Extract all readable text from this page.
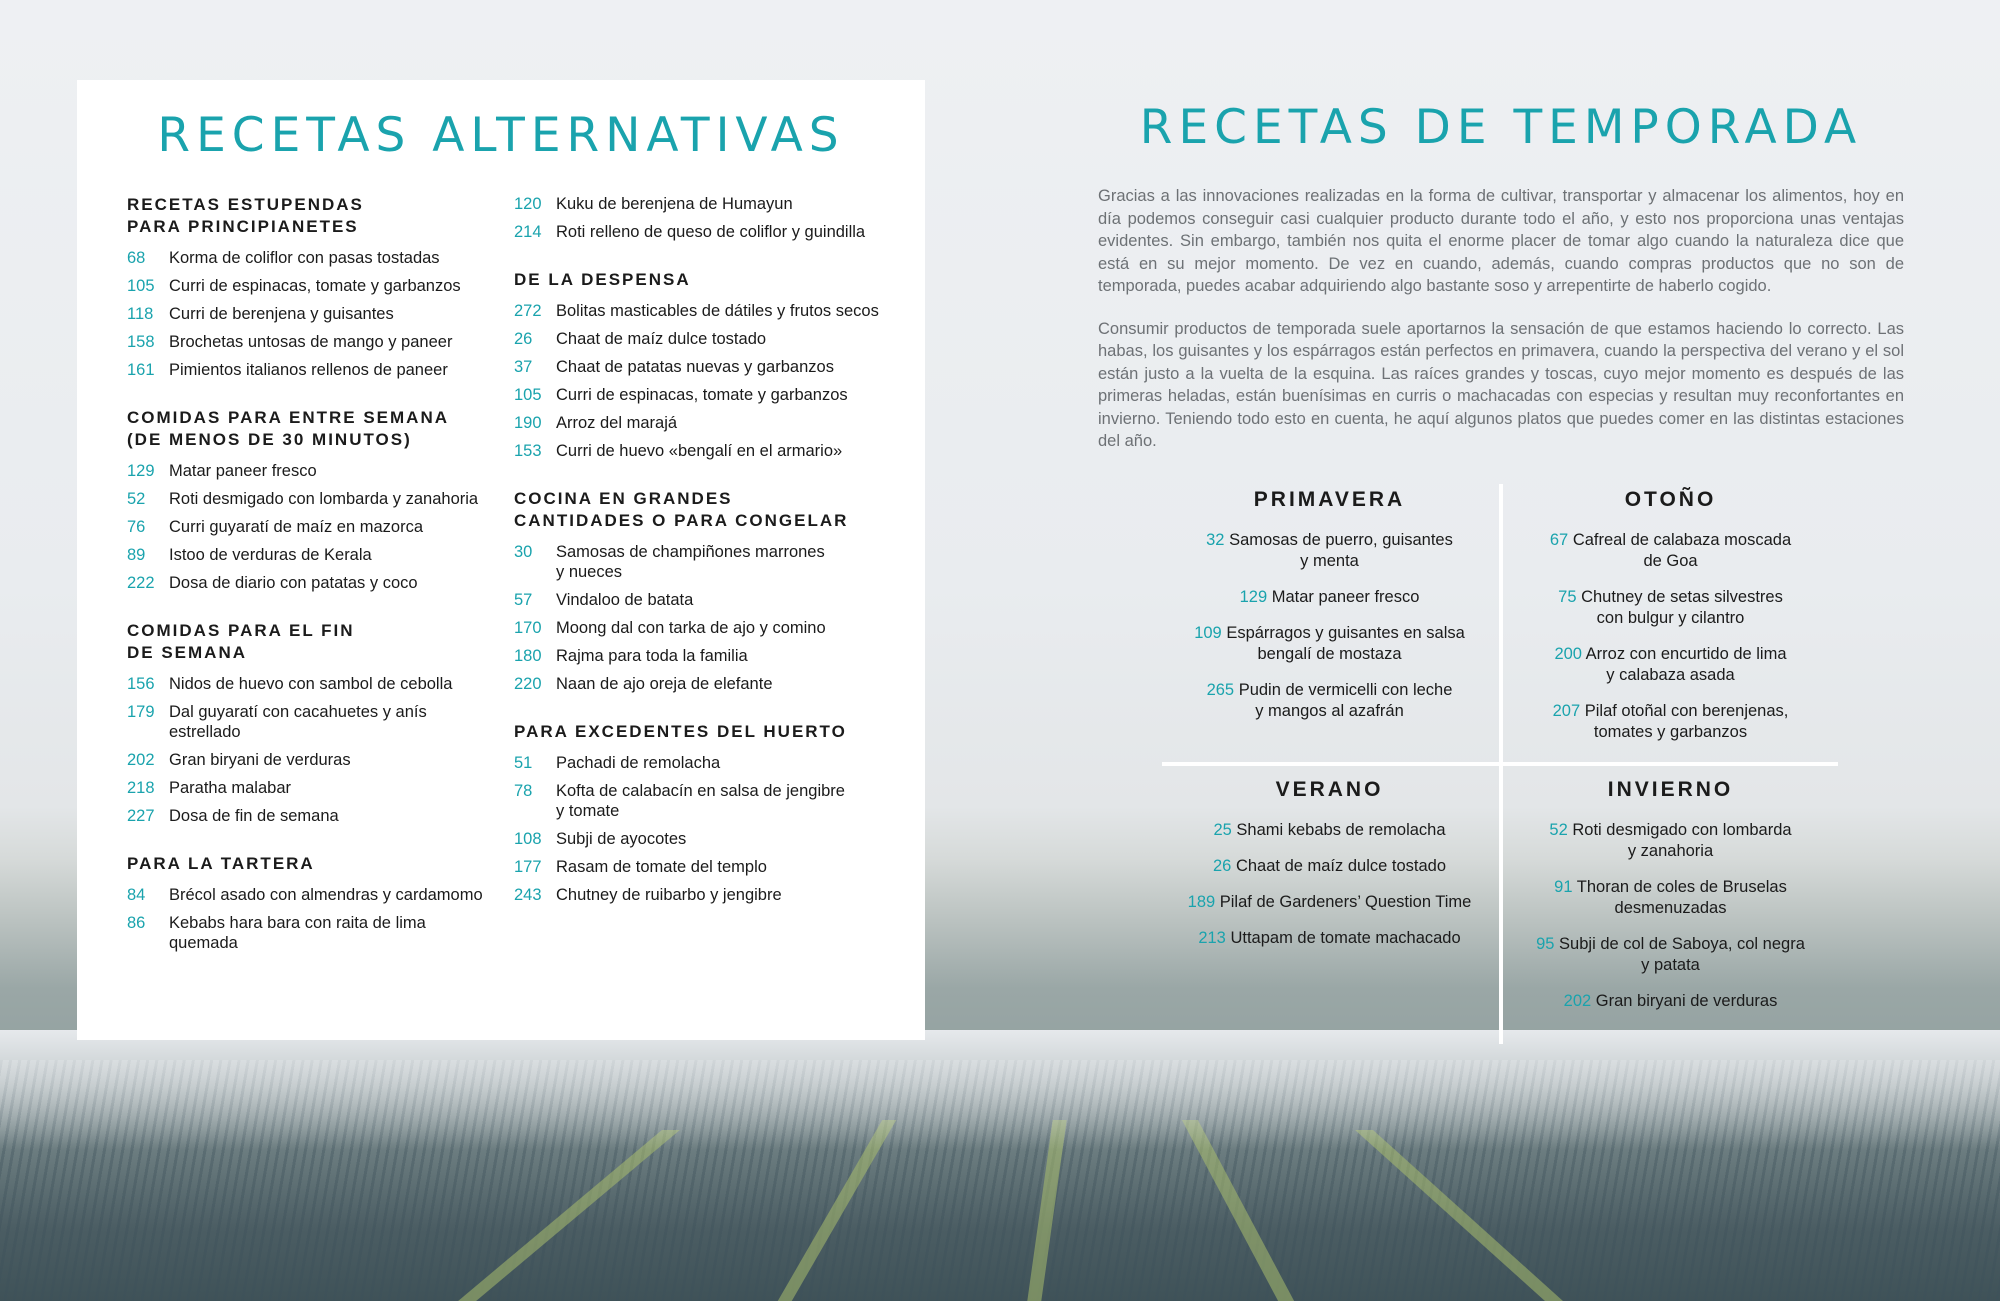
RECETAS ALTERNATIVAS
RECETAS ESTUPENDAS
PARA PRINCIPIANETES
68	Korma de coliflor con pasas tostadas
105 Curri de espinacas, tomate y garbanzos
118 Curri de berenjena y guisantes
158 Brochetas untosas de mango y paneer
161 Pimientos italianos rellenos de paneer
COMIDAS PARA ENTRE SEMANA
(DE MENOS DE 30 MINUTOS)
129 Matar paneer fresco
52	Roti desmigado con lombarda y zanahoria
76	Curri guyaratí de maíz en mazorca
89	Istoo de verduras de Kerala
222 Dosa de diario con patatas y coco
COMIDAS PARA EL FIN
DE SEMANA
156 Nidos de huevo con sambol de cebolla
179 Dal guyaratí con cacahuetes y anís
estrellado
202 Gran biryani de verduras
218 Paratha malabar
227 Dosa de fin de semana
PARA LA TARTERA
84	Brécol asado con almendras y cardamomo
86	Kebabs hara bara con raita de lima
quemada
120 Kuku de berenjena de Humayun
214 Roti relleno de queso de coliflor y guindilla
DE LA DESPENSA
272 Bolitas masticables de dátiles y frutos secos
26	Chaat de maíz dulce tostado
37	Chaat de patatas nuevas y garbanzos
105 Curri de espinacas, tomate y garbanzos
190 Arroz del marajá
153 Curri de huevo «bengalí en el armario»
COCINA EN GRANDES
CANTIDADES O PARA CONGELAR
30	Samosas de champiñones marrones
y nueces
57	Vindaloo de batata
170 Moong dal con tarka de ajo y comino
180 Rajma para toda la familia
220 Naan de ajo oreja de elefante
PARA EXCEDENTES DEL HUERTO
51	Pachadi de remolacha
78	Kofta de calabacín en salsa de jengibre
y tomate
108 Subji de ayocotes
177 Rasam de tomate del templo
243 Chutney de ruibarbo y jengibre
RECETAS DE TEMPORADA

Gracias a las innovaciones realizadas en la forma de cultivar, transportar y almacenar los alimentos, hoy en día podemos conseguir casi cualquier producto durante todo el año, y esto nos proporciona unas ventajas evidentes. Sin embargo, también nos quita el enorme placer de tomar algo cuando la naturaleza dice que está en su mejor momento. De vez en cuando, además, cuando compras productos que no son de temporada, puedes acabar adquiriendo algo bastante soso y arrepentirte de haberlo cogido.

Consumir productos de temporada suele aportarnos la sensación de que estamos haciendo lo correcto. Las habas, los guisantes y los espárragos están perfectos en primavera, cuando la perspectiva del verano y el sol están justo a la vuelta de la esquina. Las raíces grandes y toscas, cuyo mejor momento es después de las primeras heladas, están buenísimas en curris o machacadas con especias y resultan muy reconfortantes en invierno. Teniendo todo esto en cuenta, he aquí algunos platos que puedes comer en las distintas estaciones del año.

PRIMAVERA
32 Samosas de puerro, guisantes
y menta
129 Matar paneer fresco
109 Espárragos y guisantes en salsa
bengalí de mostaza
265 Pudin de vermicelli con leche
y mangos al azafrán
OTOÑO
67 Cafreal de calabaza moscada
de Goa
75 Chutney de setas silvestres
con bulgur y cilantro
200 Arroz con encurtido de lima
y calabaza asada
207 Pilaf otoñal con berenjenas,
tomates y garbanzos
VERANO
25 Shami kebabs de remolacha
26 Chaat de maíz dulce tostado
189 Pilaf de Gardeners’ Question Time
213 Uttapam de tomate machacado
INVIERNO
52 Roti desmigado con lombarda
y zanahoria
91 Thoran de coles de Bruselas
desmenuzadas
95 Subji de col de Saboya, col negra
y patata
202 Gran biryani de verduras
